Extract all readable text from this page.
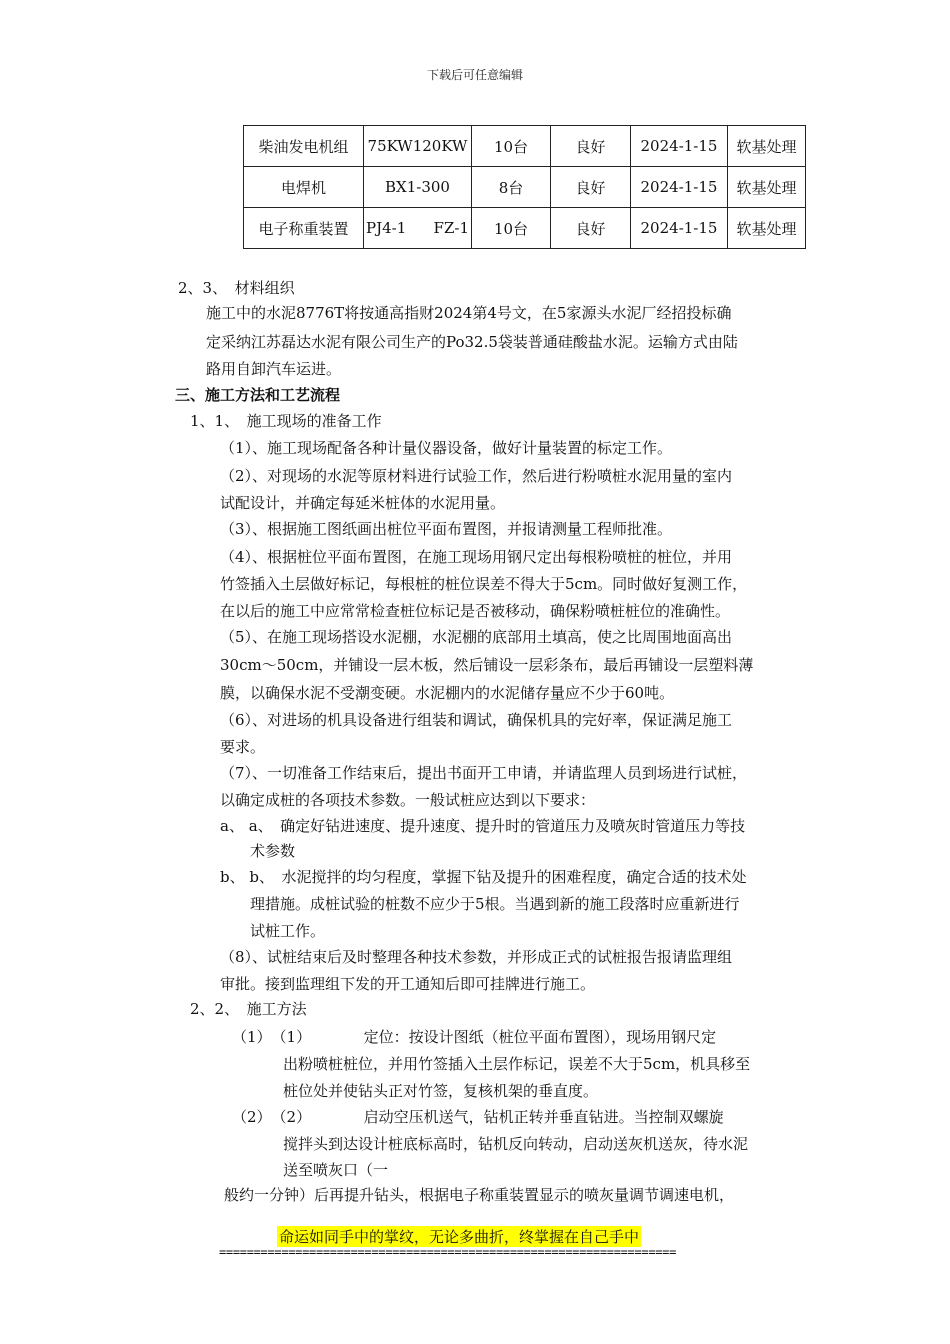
下载后可任意编辑
柴油发电机组	75KW120KW	10台	良好	2024-1-15	软基处理
电焊机	BX1-300	8台	良好	2024-1-15	软基处理
电子称重装置	PJ4-1 FZ-1	10台	良好	2024-1-15	软基处理
2、3、　材料组织
施工中的水泥8776T将按通高指财2024第4号文，在5家源头水泥厂经招投标确
定采纳江苏磊达水泥有限公司生产的Po32.5袋装普通硅酸盐水泥。运输方式由陆
路用自卸汽车运进。
三、施工方法和工艺流程
1、1、　施工现场的准备工作
（1）、施工现场配备各种计量仪器设备，做好计量装置的标定工作。
（2）、对现场的水泥等原材料进行试验工作，然后进行粉喷桩水泥用量的室内
试配设计，并确定每延米桩体的水泥用量。
（3）、根据施工图纸画出桩位平面布置图，并报请测量工程师批准。
（4）、根据桩位平面布置图，在施工现场用钢尺定出每根粉喷桩的桩位，并用
竹签插入土层做好标记，每根桩的桩位误差不得大于5cm。同时做好复测工作，
在以后的施工中应常常检查桩位标记是否被移动，确保粉喷桩桩位的准确性。
（5）、在施工现场搭设水泥棚，水泥棚的底部用土填高，使之比周围地面高出
30cm～50cm，并铺设一层木板，然后铺设一层彩条布，最后再铺设一层塑料薄
膜，以确保水泥不受潮变硬。水泥棚内的水泥储存量应不少于60吨。
（6）、对进场的机具设备进行组装和调试，确保机具的完好率，保证满足施工
要求。
（7）、一切准备工作结束后，提出书面开工申请，并请监理人员到场进行试桩，
以确定成桩的各项技术参数。一般试桩应达到以下要求：
a、 a、　确定好钻进速度、提升速度、提升时的管道压力及喷灰时管道压力等技
术参数
b、 b、　水泥搅拌的均匀程度，掌握下钻及提升的困难程度，确定合适的技术处
理措施。成桩试验的桩数不应少于5根。当遇到新的施工段落时应重新进行
试桩工作。
（8）、试桩结束后及时整理各种技术参数，并形成正式的试桩报告报请监理组
审批。接到监理组下发的开工通知后即可挂牌进行施工。
2、2、　施工方法
（1）　（1）　　　　定位：按设计图纸（桩位平面布置图），现场用钢尺定
出粉喷桩桩位，并用竹签插入土层作标记，误差不大于5cm，机具移至
桩位处并使钻头正对竹签，复核机架的垂直度。
（2）　（2）　　　　启动空压机送气，钻机正转并垂直钻进。当控制双螺旋
搅拌头到达设计桩底标高时，钻机反向转动，启动送灰机送灰，待水泥
送至喷灰口（一
般约一分钟）后再提升钻头，根据电子称重装置显示的喷灰量调节调速电机，
命运如同手中的掌纹，无论多曲折，终掌握在自己手中
==================================================================
